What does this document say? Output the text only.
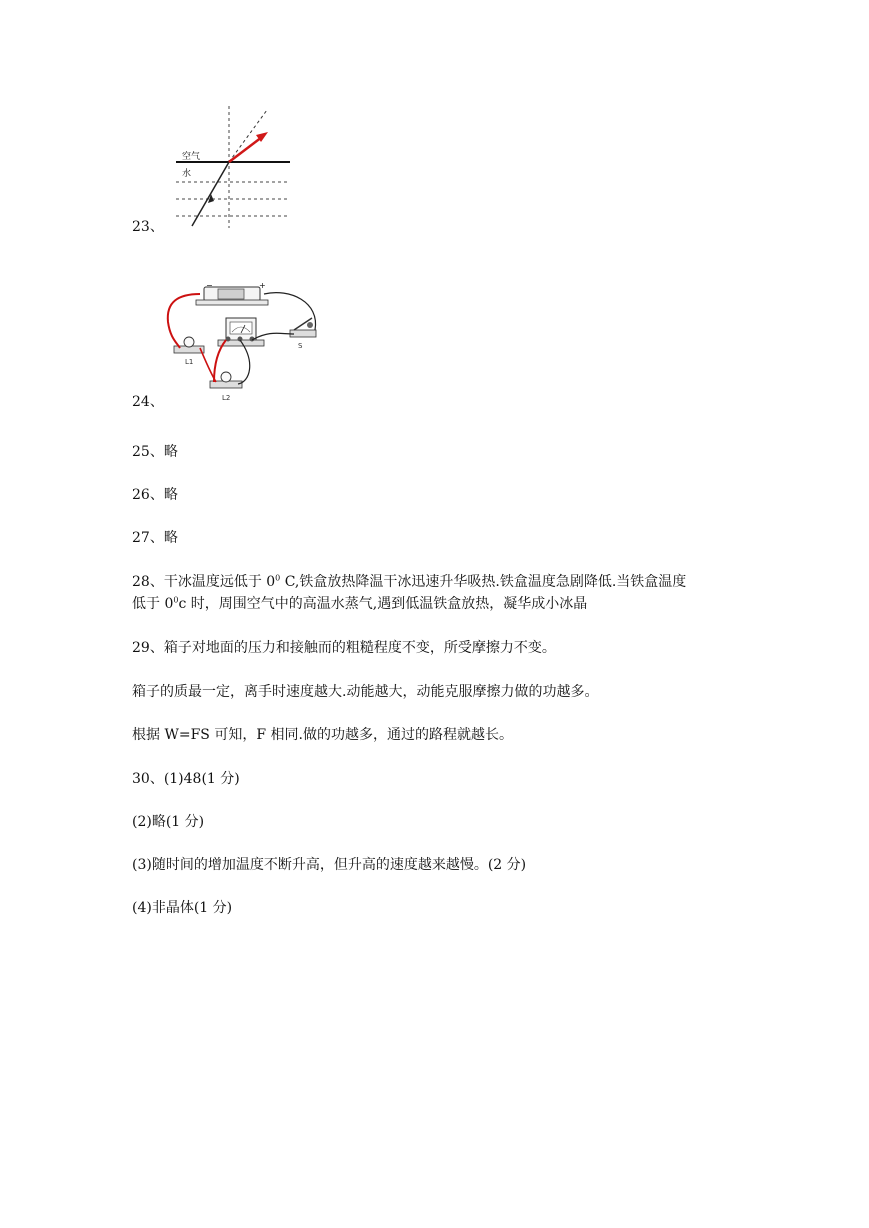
空气
水
23、
−	+
L1
L2
S
24、
25、略
26、略
27、略
28、干冰温度远低于 $0^0$ C,铁盒放热降温干冰迅速升华吸热.铁盒温度急剧降低.当铁盒温度
低于 $0^0c$ 时，周围空气中的高温水蒸气,遇到低温铁盒放热，凝华成小冰晶
29、箱子对地面的压力和接触而的粗糙程度不变，所受摩擦力不变。
箱子的质最一定，离手时速度越大.动能越大，动能克服摩擦力做的功越多。
根据 W=FS 可知，F 相同.做的功越多，通过的路程就越长。
30、(1)48(1 分)
(2)略(1 分)
(3)随时间的增加温度不断升高，但升高的速度越来越慢。(2 分)
(4)非晶体(1 分)
